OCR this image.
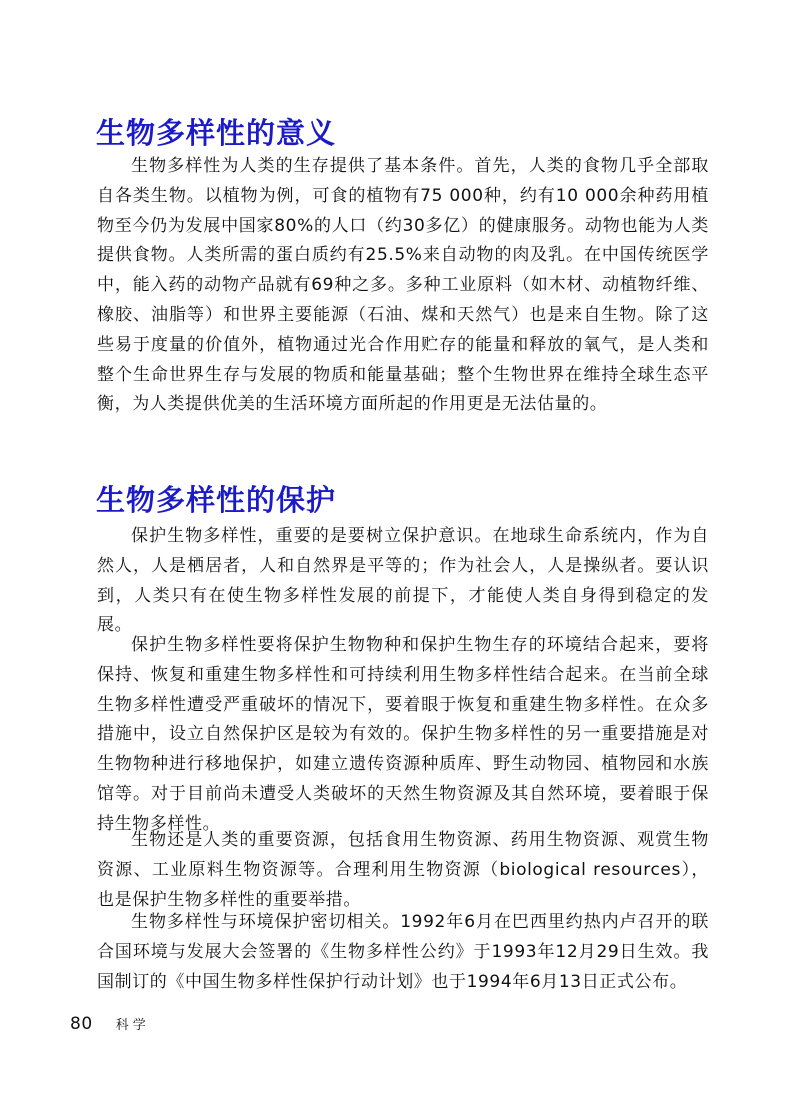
生物多样性的意义

生物多样性为人类的生存提供了基本条件。首先，人类的食物几乎全部取自各类生物。以植物为例，可食的植物有75 000种，约有10 000余种药用植物至今仍为发展中国家80%的人口（约30多亿）的健康服务。动物也能为人类提供食物。人类所需的蛋白质约有25.5%来自动物的肉及乳。在中国传统医学中，能入药的动物产品就有69种之多。多种工业原料（如木材、动植物纤维、橡胶、油脂等）和世界主要能源（石油、煤和天然气）也是来自生物。除了这些易于度量的价值外，植物通过光合作用贮存的能量和释放的氧气，是人类和整个生命世界生存与发展的物质和能量基础；整个生物世界在维持全球生态平衡，为人类提供优美的生活环境方面所起的作用更是无法估量的。

生物多样性的保护

保护生物多样性，重要的是要树立保护意识。在地球生命系统内，作为自然人，人是栖居者，人和自然界是平等的；作为社会人，人是操纵者。要认识到，人类只有在使生物多样性发展的前提下，才能使人类自身得到稳定的发展。

保护生物多样性要将保护生物物种和保护生物生存的环境结合起来，要将保持、恢复和重建生物多样性和可持续利用生物多样性结合起来。在当前全球生物多样性遭受严重破坏的情况下，要着眼于恢复和重建生物多样性。在众多措施中，设立自然保护区是较为有效的。保护生物多样性的另一重要措施是对生物物种进行移地保护，如建立遗传资源种质库、野生动物园、植物园和水族馆等。对于目前尚未遭受人类破坏的天然生物资源及其自然环境，要着眼于保持生物多样性。

生物还是人类的重要资源，包括食用生物资源、药用生物资源、观赏生物资源、工业原料生物资源等。合理利用生物资源（biological resources），也是保护生物多样性的重要举措。

生物多样性与环境保护密切相关。1992年6月在巴西里约热内卢召开的联合国环境与发展大会签署的《生物多样性公约》于1993年12月29日生效。我国制订的《中国生物多样性保护行动计划》也于1994年6月13日正式公布。

80 科学
